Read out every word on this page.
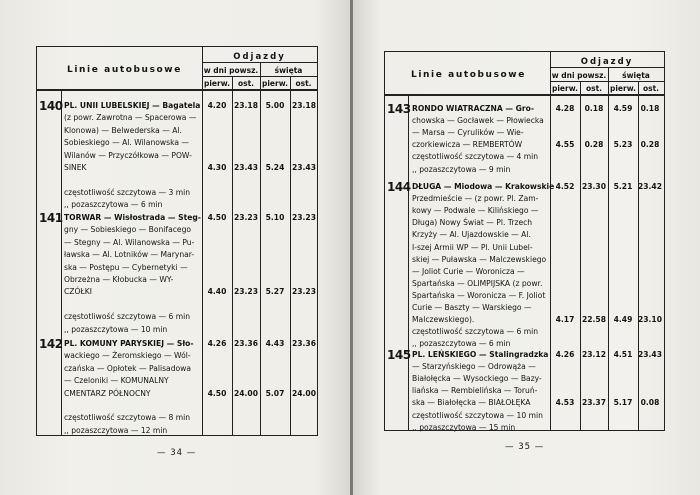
Linie autobusowe
Odjazdy
w dni powsz.	święta
pierw.	ost.	pierw. ost.
140 PL. UNII LUBELSKIEJ — Bagatela
(z powr. Zawrotna — Spacerowa —
Klonowa) — Belwederska — Al.
Sobieskiego — Al. Wilanowska —
Wilanów — Przyczółkowa — POW-
SINEK
częstotliwość szczytowa — 3 min
,, pozaszczytowa — 6 min
4.20	23.18	5.00	23.18
4.30	23.43	5.24	23.43
141 TORWAR — Wisłostrada — Steg-
gny — Sobieskiego — Bonifacego
— Stegny — Al. Wilanowska — Pu-
ławska — Al. Lotników — Marynar-
ska — Postępu — Cybernetyki —
Obrzeżna — Kłobucka — WY-
CZÓŁKI
częstotliwość szczytowa — 6 min
,, pozaszczytowa — 10 min
4.50	23.23	5.10	23.23
4.40	23.23	5.27	23.23
142 PL. KOMUNY PARYSKIEJ — Sło-
wackiego — Żeromskiego — Wól-
czańska — Opłotek — Palisadowa
— Czeloniki — KOMUNALNY
CMENTARZ PÓŁNOCNY
częstotliwość szczytowa — 8 min
,, pozaszczytowa — 12 min
4.26	23.36	4.43	23.36
4.50	24.00	5.07	24.00
— 34 —
Linie autobusowe
Odjazdy
w dni powsz.	święta
pierw.	ost.	pierw. ost.
143 RONDO WIATRACZNA — Gro-
chowska — Gocławek — Płowiecka
— Marsa — Cyrulików — Wie-
czorkiewicza — REMBERTÓW
częstotliwość szczytowa — 4 min
,, pozaszczytowa — 9 min
4.28	0.18	4.59	0.18
4.55	0.28	5.23	0.28
144 DŁUGA — Miodowa — Krakowskie
Przedmieście — (z powr. Pl. Zam-
kowy — Podwale — Kilińskiego —
Długa) Nowy Świat — Pl. Trzech
Krzyży — Al. Ujazdowskie — Al.
I-szej Armii WP — Pl. Unii Lubel-
skiej — Puławska — Malczewskiego
— Joliot Curie — Woronicza —
Spartańska — OLIMPIJSKA (z powr.
Spartańska — Woronicza — F. Joliot
Curie — Baszty — Warskiego —
Malczewskiego).
częstotliwość szczytowa — 6 min
,, pozaszczytowa — 6 min
4.52	23.30	5.21 23.42
4.17	22.58	4.49 23.10
145 PL. LEŃSKIEGO — Stalingradzka
— Starzyńskiego — Odrowąża —
Białołęcka — Wysockiego — Bazy-
liańska — Rembielińska — Toruń-
ska — Białołęcka — BIAŁOŁĘKA
częstotliwość szczytowa — 10 min
,, pozaszczytowa — 15 min
4.26	23.12	4.51 23.43
4.53	23.37	5.17	0.08
— 35 —
